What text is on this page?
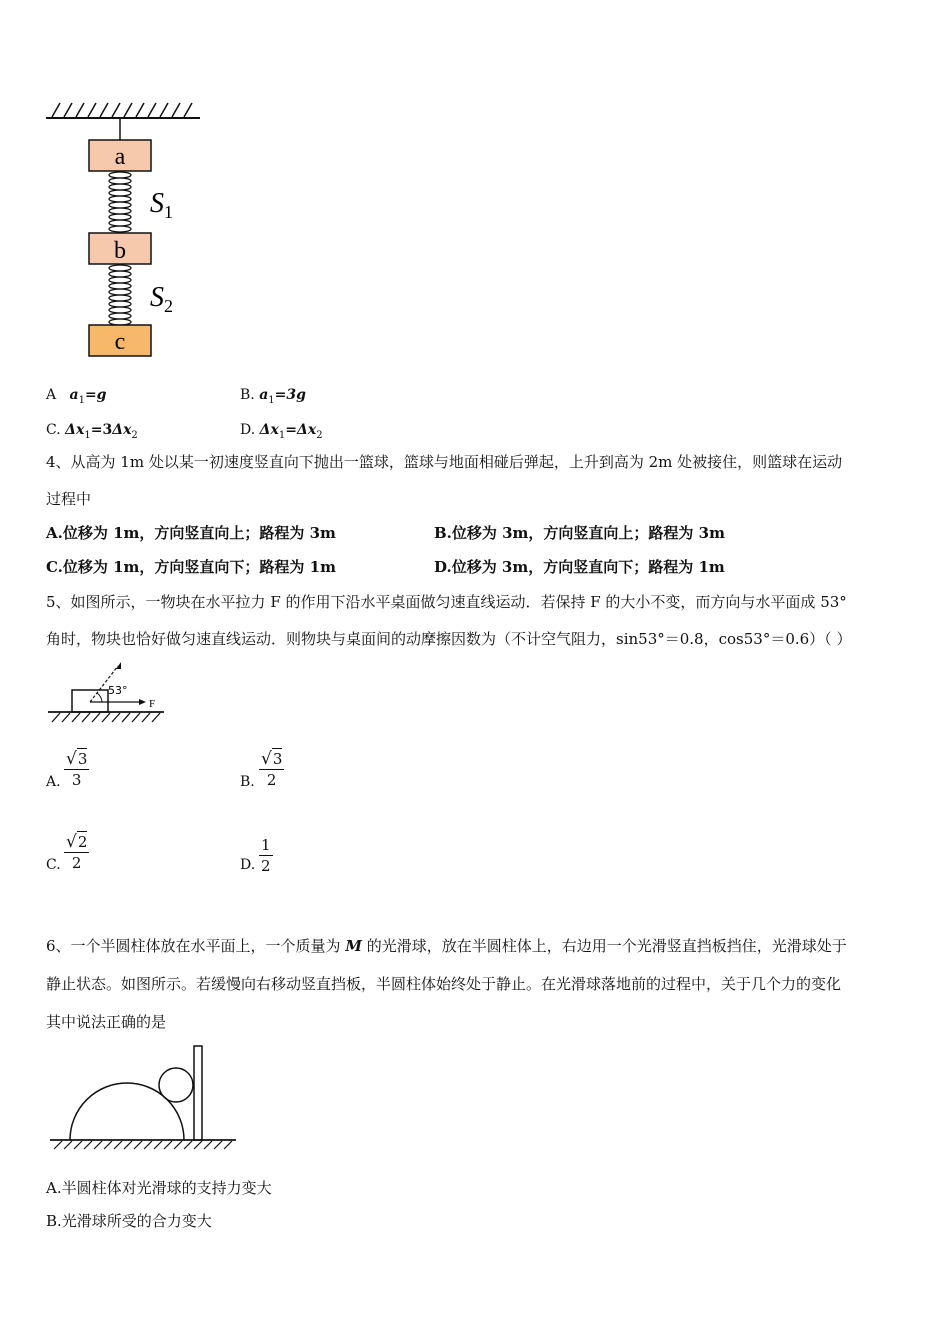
a
b
c
$S_1$
$S_2$
A $a_1=g$	B. $a_1=3g$
C. $\Delta x_1=3\Delta x_2$	D. $\Delta x_1=\Delta x_2$
4、从高为 1m 处以某一初速度竖直向下抛出一篮球，篮球与地面相碰后弹起，上升到高为 2m 处被接住，则篮球在运动
过程中
A.位移为 1m，方向竖直向上；路程为 3m	B.位移为 3m，方向竖直向上；路程为 3m
C.位移为 1m，方向竖直向下；路程为 1m	D.位移为 3m，方向竖直向下；路程为 1m
5、如图所示，一物块在水平拉力 F 的作用下沿水平桌面做匀速直线运动．若保持 F 的大小不变，而方向与水平面成 53°
角时，物块也恰好做匀速直线运动．则物块与桌面间的动摩擦因数为（不计空气阻力，sin53°＝0.8，cos53°＝0.6）（ ）
53°
F
A. $\frac{√ 3}{3}$	B. $\frac{√ 3}{2}$
C. $\frac{√ 2}{2}$	D. $\frac{1}{2}$
6、一个半圆柱体放在水平面上，一个质量为 M 的光滑球，放在半圆柱体上，右边用一个光滑竖直挡板挡住，光滑球处于
静止状态。如图所示。若缓慢向右移动竖直挡板，半圆柱体始终处于静止。在光滑球落地前的过程中，关于几个力的变化
其中说法正确的是
A.半圆柱体对光滑球的支持力变大
B.光滑球所受的合力变大
